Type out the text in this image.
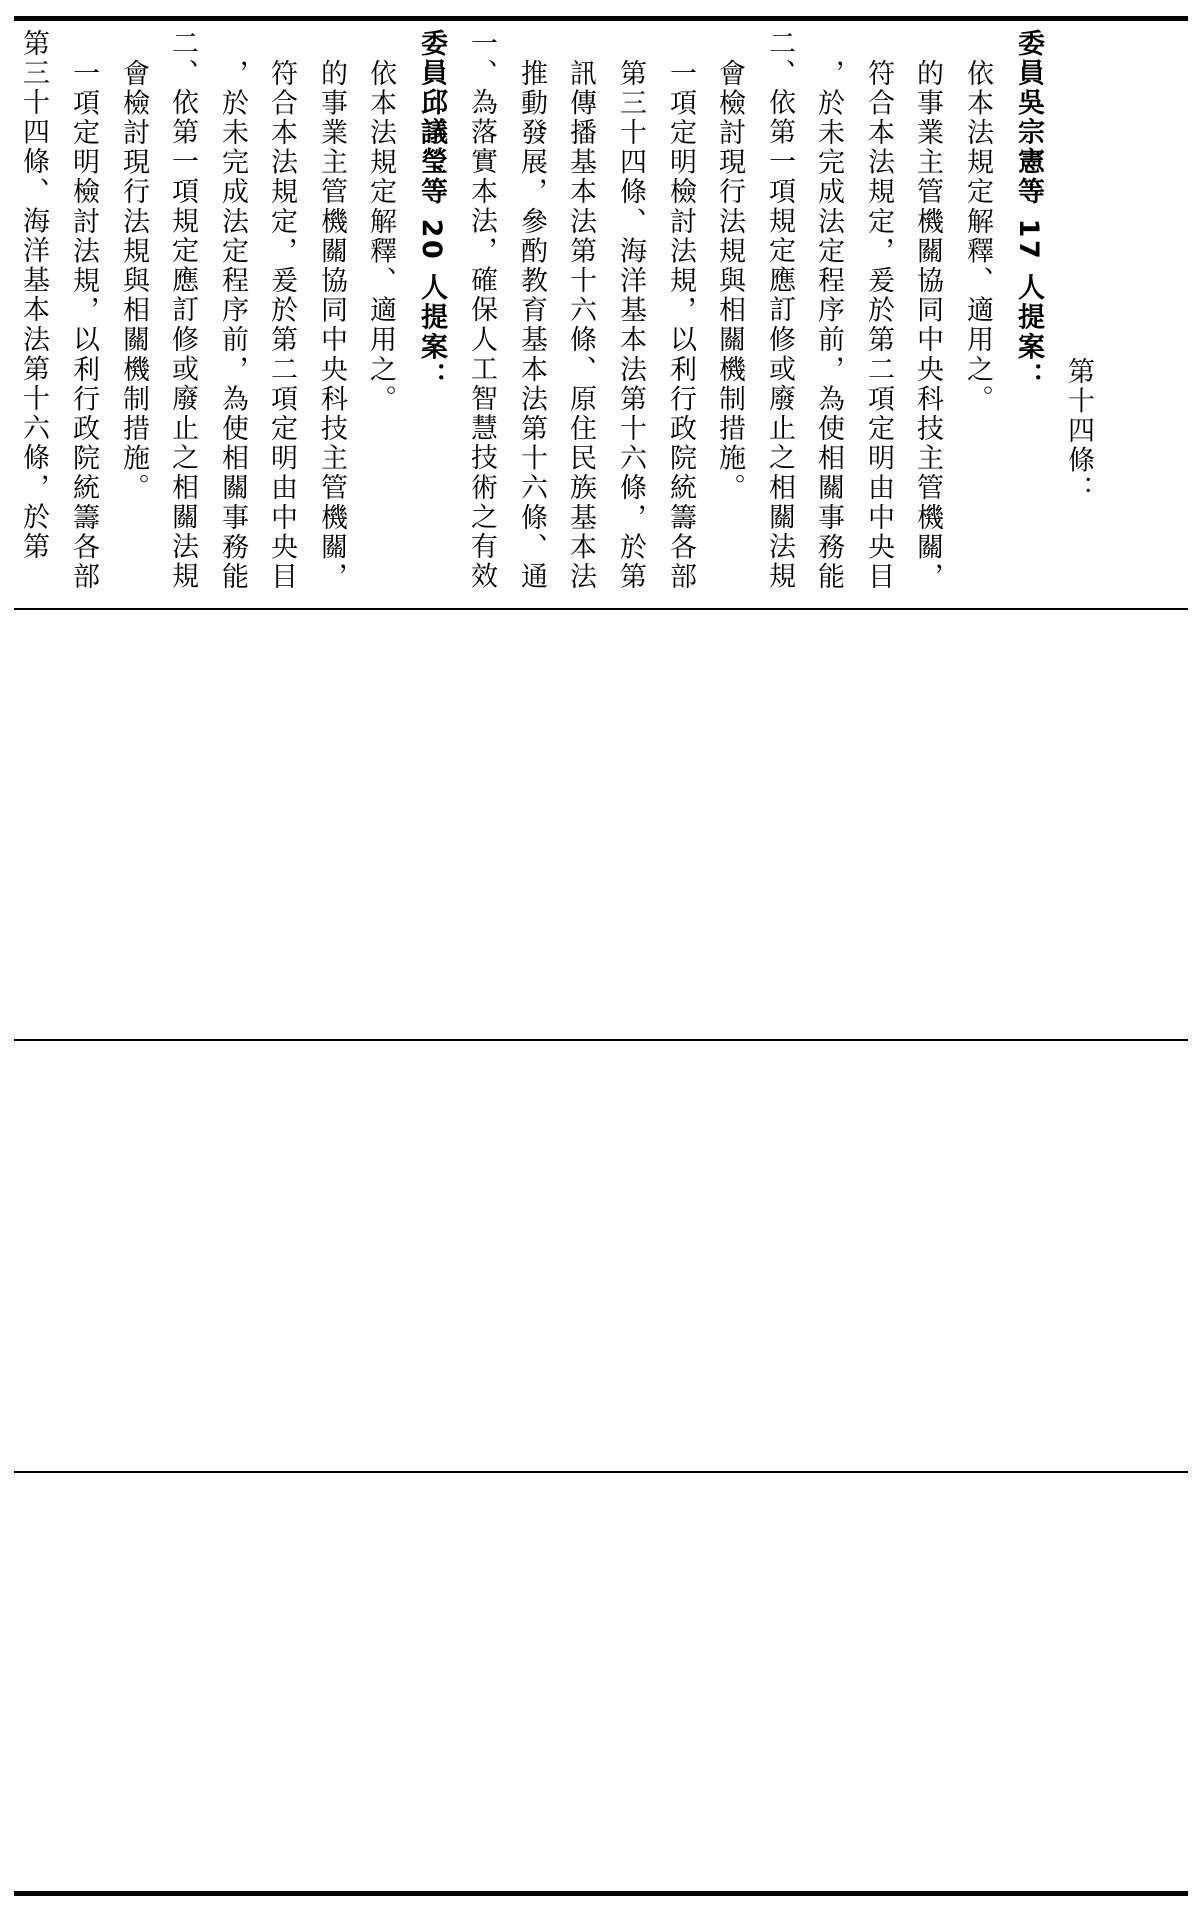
第三十四條、海洋基本法第十六條，於第 一項定明檢討法規，以利行政院統籌各部 會檢討現行法規與相關機制措施。 二、依第一項規定應訂修或廢止之相關法規 ，於未完成法定程序前，為使相關事務能 符合本法規定，爰於第二項定明由中央目 的事業主管機關協同中央科技主管機關， 依本法規定解釋、適用之。 委員邱議瑩等 20 人提案： 一、為落實本法，確保人工智慧技術之有效 推動發展，參酌教育基本法第十六條、通 訊傳播基本法第十六條、原住民族基本法 第三十四條、海洋基本法第十六條，於第 一項定明檢討法規，以利行政院統籌各部 會檢討現行法規與相關機制措施。 二、依第一項規定應訂修或廢止之相關法規 ，於未完成法定程序前，為使相關事務能 符合本法規定，爰於第二項定明由中央目 的事業主管機關協同中央科技主管機關， 依本法規定解釋、適用之。 委員吳宗憲等 17 人提案：
第十四條：
